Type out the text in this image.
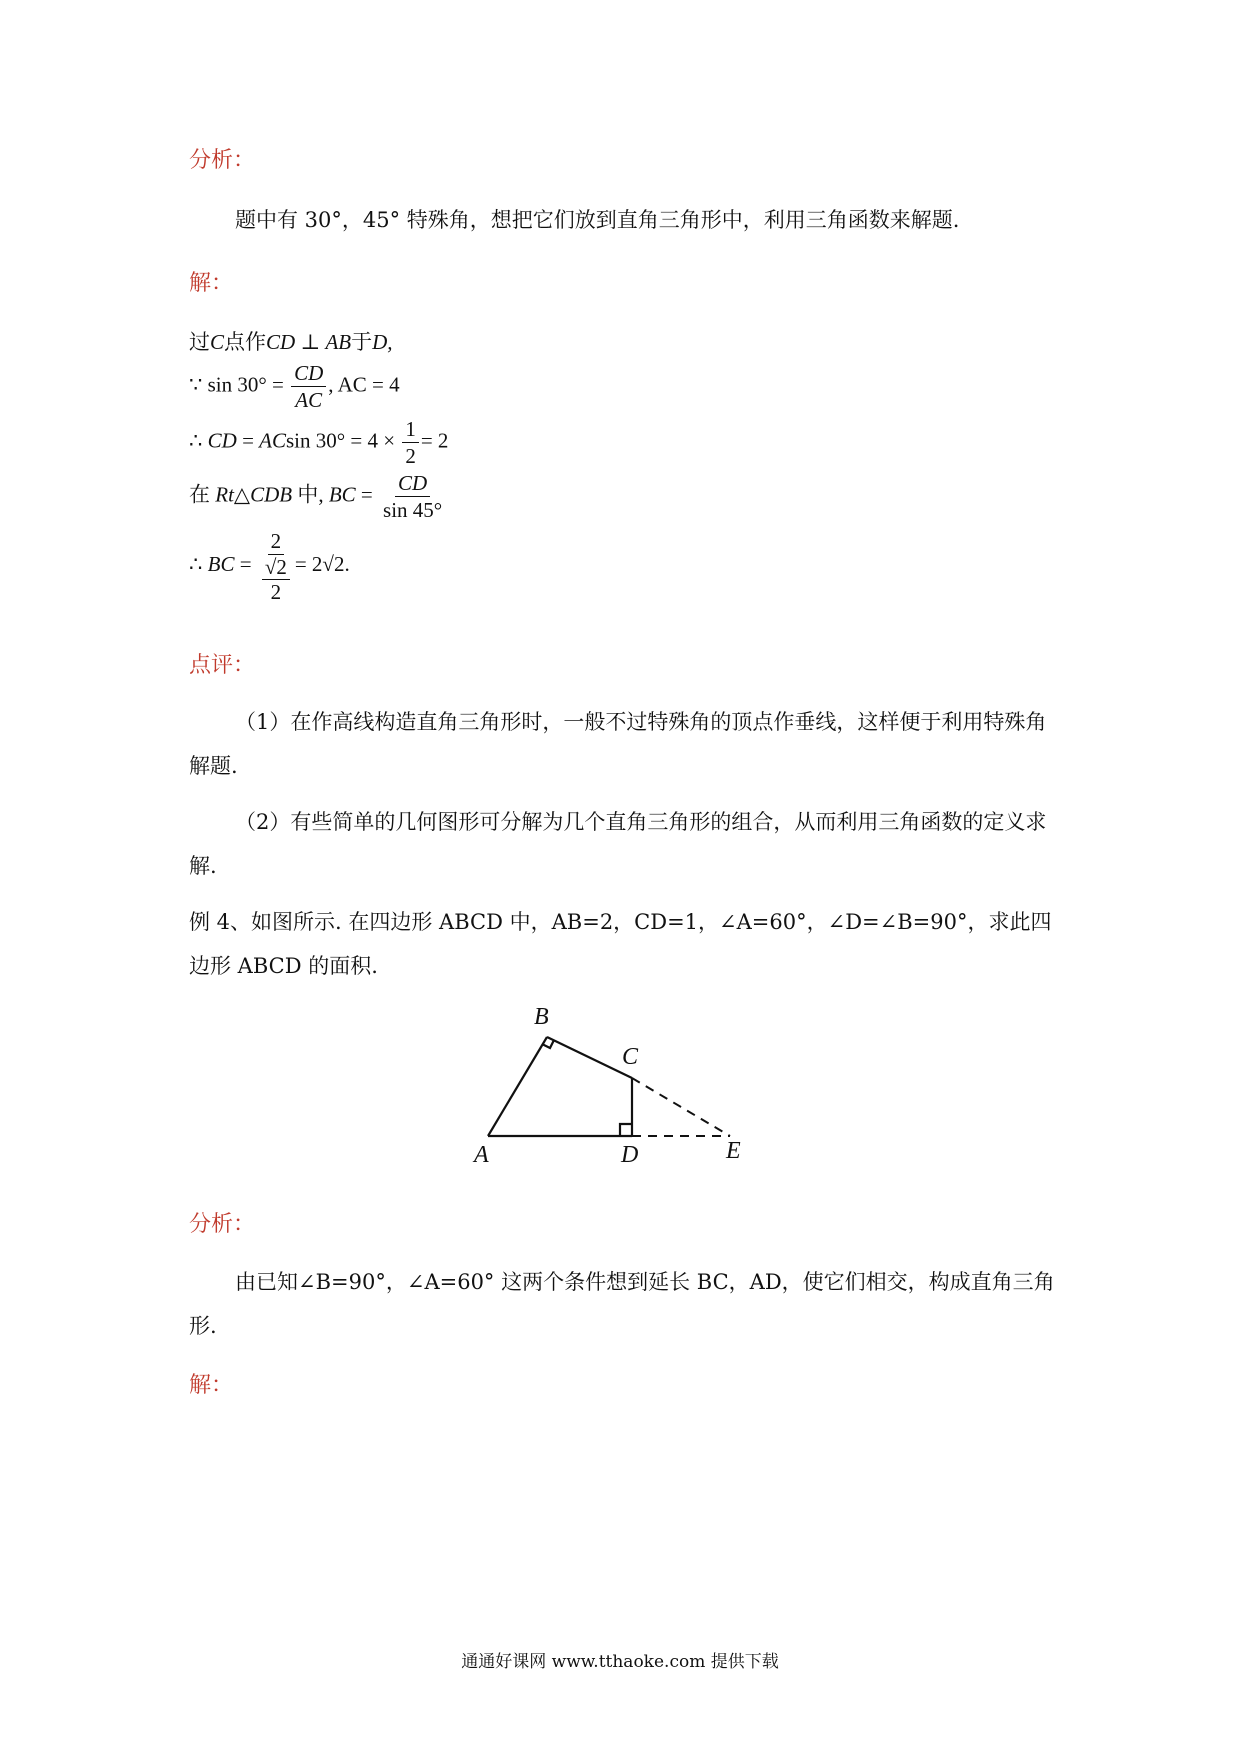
分析：
题中有 30°，45° 特殊角，想把它们放到直角三角形中，利用三角函数来解题.
解：
过C点作CD ⊥ AB于D,
∵ $\sin 30^\circ = \frac{CD}{AC}$ , AC = 4
∴ CD = ACsin $30^\circ = 4 \times \frac{1}{2} = 2$
在 Rt△CDB 中, BC = $\frac{CD}{\sin 45^\circ}$
∴ BC = 2
√2
2 = 2√2.
点评：
（1）在作高线构造直角三角形时，一般不过特殊角的顶点作垂线，这样便于利用特殊角解题.
（2）有些简单的几何图形可分解为几个直角三角形的组合，从而利用三角函数的定义求解.
例 4、如图所示. 在四边形 ABCD 中，AB=2，CD=1，∠A=60°，∠D=∠B=90°，求此四边形 ABCD 的面积.
B
C
A	D	E
分析：
由已知∠B=90°，∠A=60° 这两个条件想到延长 BC，AD，使它们相交，构成直角三角形.
解：
通通好课网 www.tthaoke.com 提供下载
